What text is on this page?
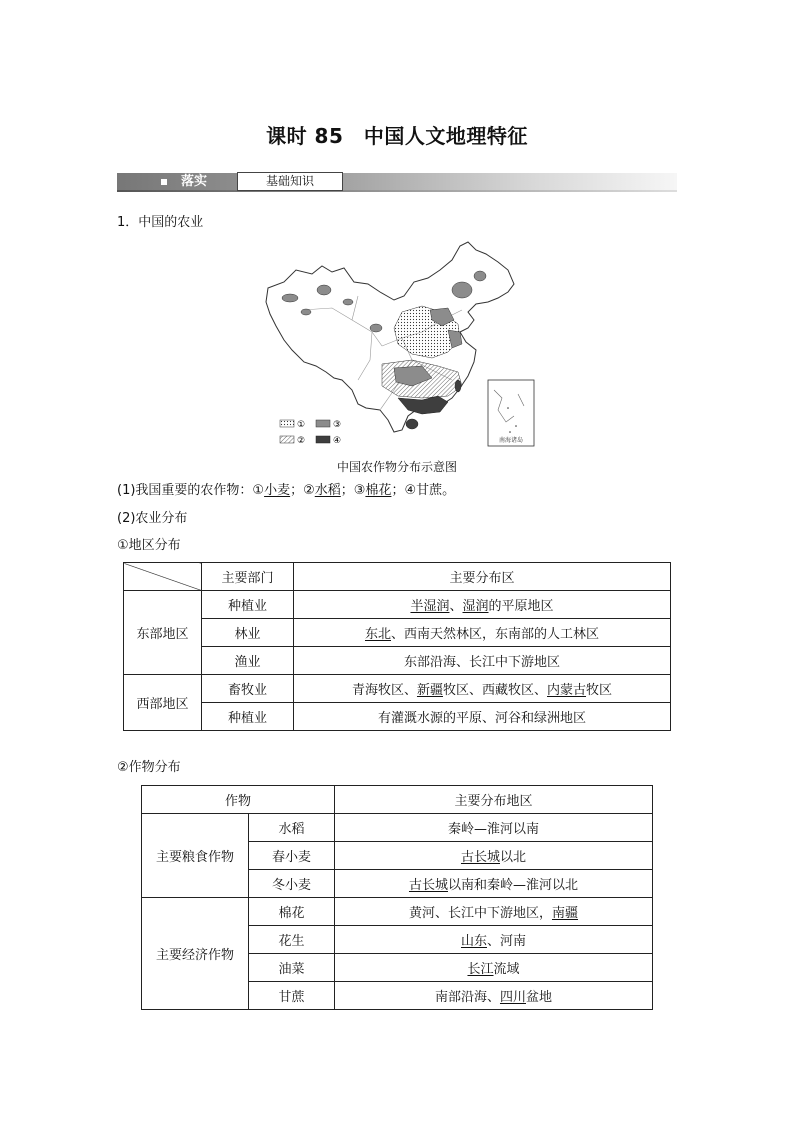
课时 85　中国人文地理特征
落实	基础知识
1．中国的农业
南海诸岛
①	③
②	④
中国农作物分布示意图
(1)我国重要的农作物：①小麦；②水稻；③棉花；④甘蔗。
(2)农业分布
①地区分布
	主要部门	主要分布区
东部地区	种植业	半湿润、湿润的平原地区
	林业	东北、西南天然林区，东南部的人工林区
	渔业	东部沿海、长江中下游地区
西部地区	畜牧业	青海牧区、新疆牧区、西藏牧区、内蒙古牧区
	种植业	有灌溉水源的平原、河谷和绿洲地区
②作物分布
作物		主要分布地区
主要粮食作物	水稻	秦岭—淮河以南
	春小麦	古长城以北
	冬小麦	古长城以南和秦岭—淮河以北
主要经济作物	棉花	黄河、长江中下游地区，南疆
	花生	山东、河南
	油菜	长江流域
	甘蔗	南部沿海、四川盆地
